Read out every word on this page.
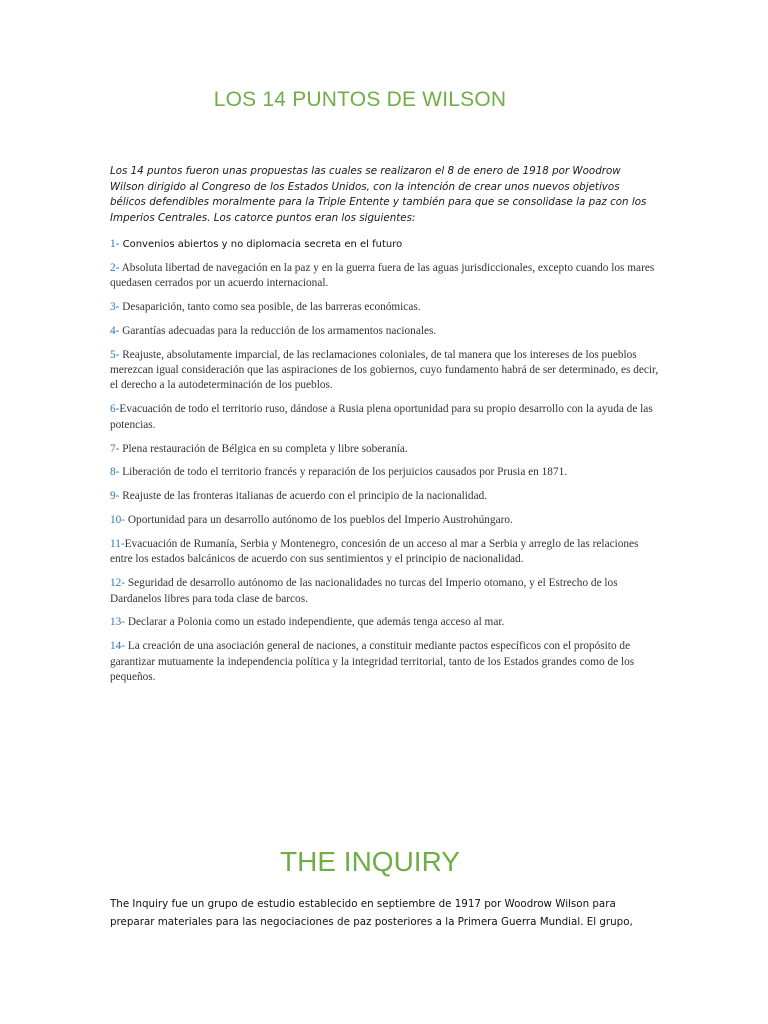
LOS 14 PUNTOS DE WILSON

Los 14 puntos fueron unas propuestas las cuales se realizaron el 8 de enero de 1918 por Woodrow Wilson dirigido al Congreso de los Estados Unidos, con la intención de crear unos nuevos objetivos bélicos defendibles moralmente para la Triple Entente y también para que se consolidase la paz con los Imperios Centrales. Los catorce puntos eran los siguientes:

1- Convenios abiertos y no diplomacia secreta en el futuro
2- Absoluta libertad de navegación en la paz y en la guerra fuera de las aguas jurisdiccionales, excepto cuando los mares quedasen cerrados por un acuerdo internacional.
3- Desaparición, tanto como sea posible, de las barreras económicas.
4- Garantías adecuadas para la reducción de los armamentos nacionales.
5- Reajuste, absolutamente imparcial, de las reclamaciones coloniales, de tal manera que los intereses de los pueblos merezcan igual consideración que las aspiraciones de los gobiernos, cuyo fundamento habrá de ser determinado, es decir, el derecho a la autodeterminación de los pueblos.
6-Evacuación de todo el territorio ruso, dándose a Rusia plena oportunidad para su propio desarrollo con la ayuda de las potencias.
7- Plena restauración de Bélgica en su completa y libre soberanía.
8- Liberación de todo el territorio francés y reparación de los perjuicios causados por Prusia en 1871.
9- Reajuste de las fronteras italianas de acuerdo con el principio de la nacionalidad.
10- Oportunidad para un desarrollo autónomo de los pueblos del Imperio Austrohúngaro.
11-Evacuación de Rumanía, Serbia y Montenegro, concesión de un acceso al mar a Serbia y arreglo de las relaciones entre los estados balcánicos de acuerdo con sus sentimientos y el principio de nacionalidad.
12- Seguridad de desarrollo autónomo de las nacionalidades no turcas del Imperio otomano, y el Estrecho de los Dardanelos libres para toda clase de barcos.
13- Declarar a Polonia como un estado independiente, que además tenga acceso al mar.
14- La creación de una asociación general de naciones, a constituir mediante pactos específicos con el propósito de garantizar mutuamente la independencia política y la integridad territorial, tanto de los Estados grandes como de los pequeños.
THE INQUIRY

The Inquiry fue un grupo de estudio establecido en septiembre de 1917 por Woodrow Wilson para preparar materiales para las negociaciones de paz posteriores a la Primera Guerra Mundial. El grupo,
